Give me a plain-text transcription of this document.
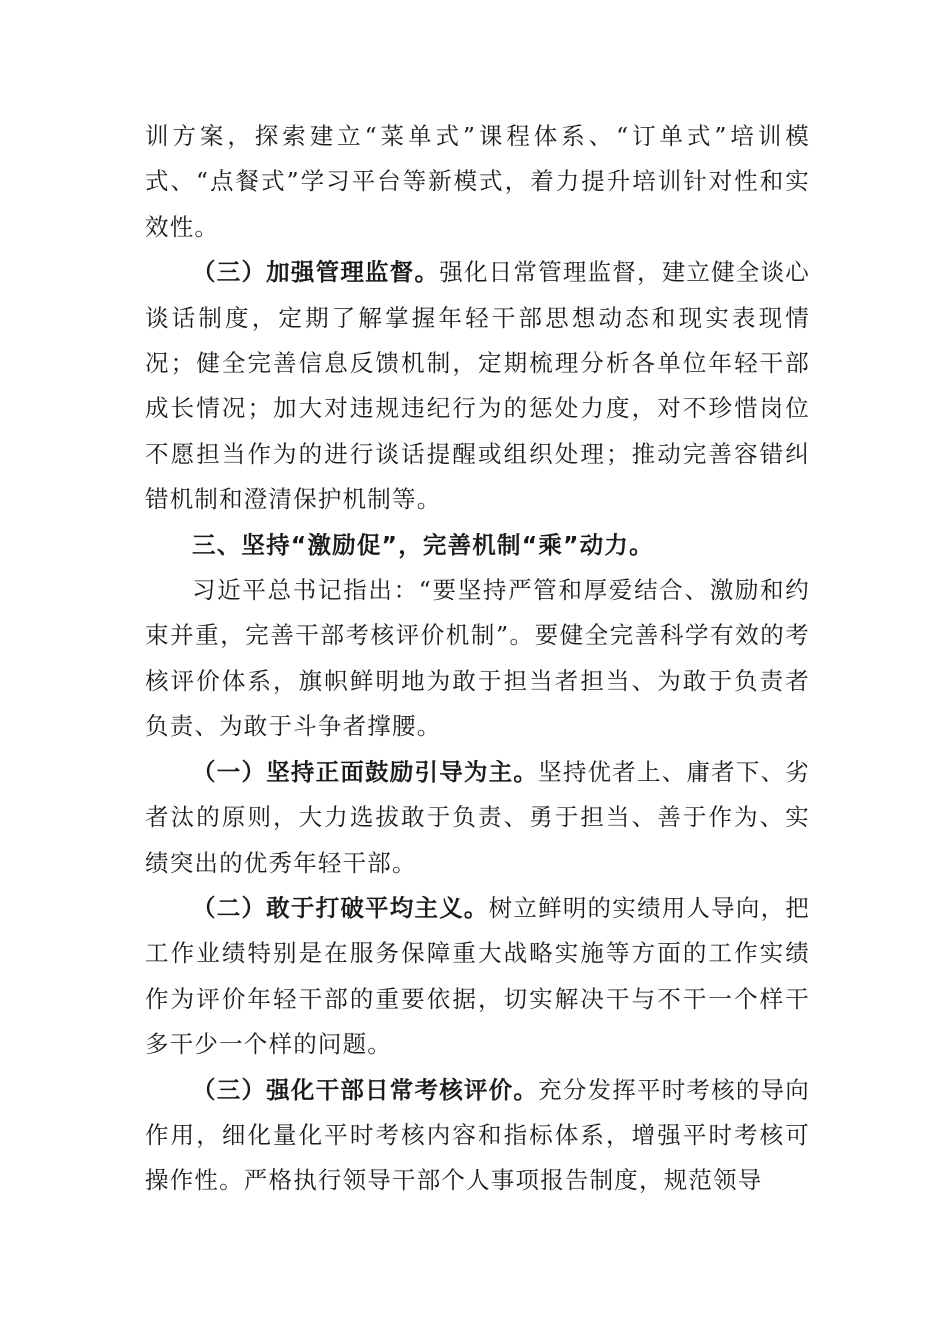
训方案，探索建立“菜单式”课程体系、“订单式”培训模式、“点餐式”学习平台等新模式，着力提升培训针对性和实效性。

（三）加强管理监督。强化日常管理监督，建立健全谈心谈话制度，定期了解掌握年轻干部思想动态和现实表现情况；健全完善信息反馈机制，定期梳理分析各单位年轻干部成长情况；加大对违规违纪行为的惩处力度，对不珍惜岗位不愿担当作为的进行谈话提醒或组织处理；推动完善容错纠错机制和澄清保护机制等。

三、坚持“激励促”，完善机制“乘”动力。

习近平总书记指出：“要坚持严管和厚爱结合、激励和约束并重，完善干部考核评价机制”。要健全完善科学有效的考核评价体系，旗帜鲜明地为敢于担当者担当、为敢于负责者负责、为敢于斗争者撑腰。

（一）坚持正面鼓励引导为主。坚持优者上、庸者下、劣者汰的原则，大力选拔敢于负责、勇于担当、善于作为、实绩突出的优秀年轻干部。

（二）敢于打破平均主义。树立鲜明的实绩用人导向，把工作业绩特别是在服务保障重大战略实施等方面的工作实绩作为评价年轻干部的重要依据，切实解决干与不干一个样干多干少一个样的问题。

（三）强化干部日常考核评价。充分发挥平时考核的导向作用，细化量化平时考核内容和指标体系，增强平时考核可操作性。严格执行领导干部个人事项报告制度，规范领导
